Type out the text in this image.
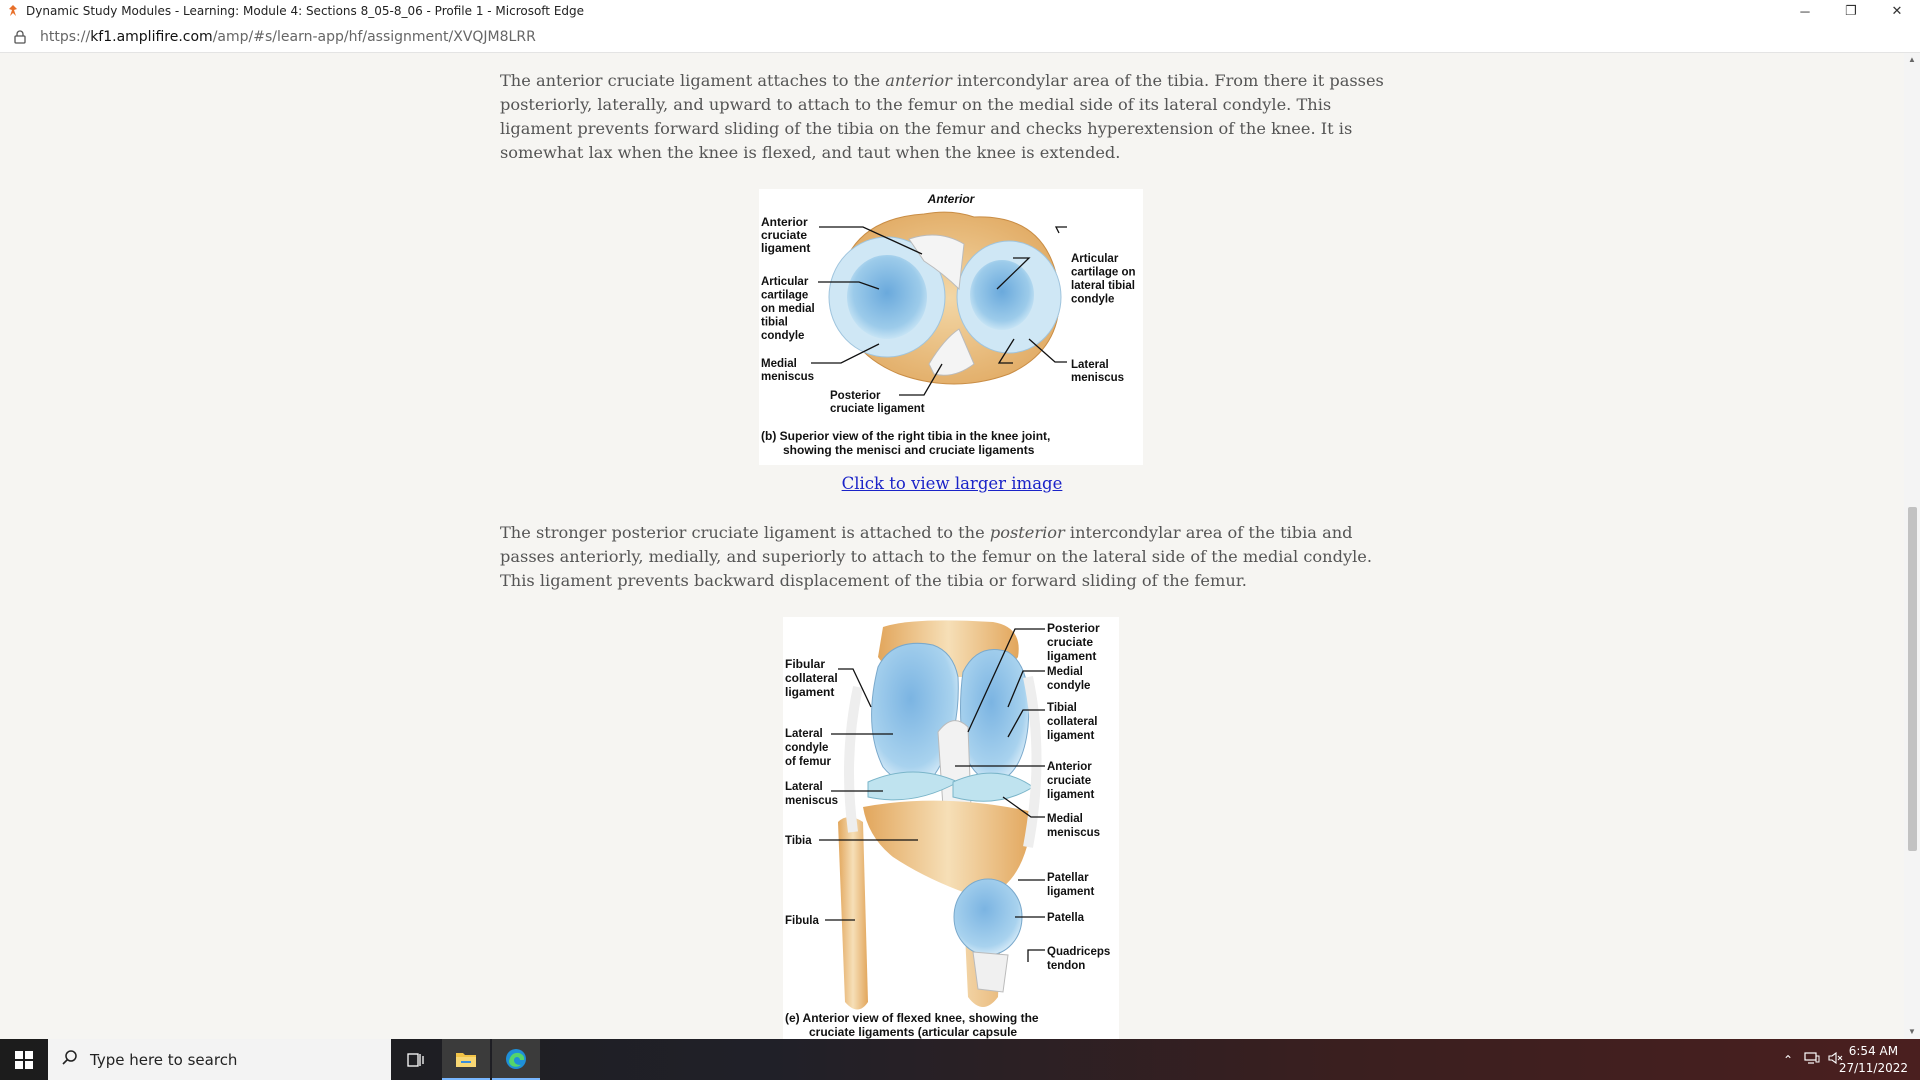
Dynamic Study Modules - Learning: Module 4: Sections 8_05-8_06 - Profile 1 - Microsoft Edge	─	❐	✕
https://kf1.amplifire.com/amp/#s/learn-app/hf/assignment/XVQJM8LRR

The anterior cruciate ligament attaches to the anterior intercondylar area of the tibia. From there it passes posteriorly, laterally, and upward to attach to the femur on the medial side of its lateral condyle. This ligament prevents forward sliding of the tibia on the femur and checks hyperextension of the knee. It is somewhat lax when the knee is flexed, and taut when the knee is extended.

Anterior
Anterior cruciate ligament
Articular cartilage on medial tibial condyle
Medial meniscus
Posterior cruciate ligament
Articular cartilage on lateral tibial condyle
Lateral meniscus
(b) Superior view of the right tibia in the knee joint, showing the menisci and cruciate ligaments
Click to view larger image

The stronger posterior cruciate ligament is attached to the posterior intercondylar area of the tibia and passes anteriorly, medially, and superiorly to attach to the femur on the lateral side of the medial condyle. This ligament prevents backward displacement of the tibia or forward sliding of the femur.

Fibular collateral ligament
Lateral condyle of femur
Lateral meniscus
Tibia
Fibula
Posterior cruciate ligament
Medial condyle
Tibial collateral ligament
Anterior cruciate ligament
Medial meniscus
Patellar ligament
Patella
Quadriceps tendon
(e) Anterior view of flexed knee, showing the cruciate ligaments (articular capsule
▲
▼
Type here to search	⌃
6:54 AM
27/11/2022
